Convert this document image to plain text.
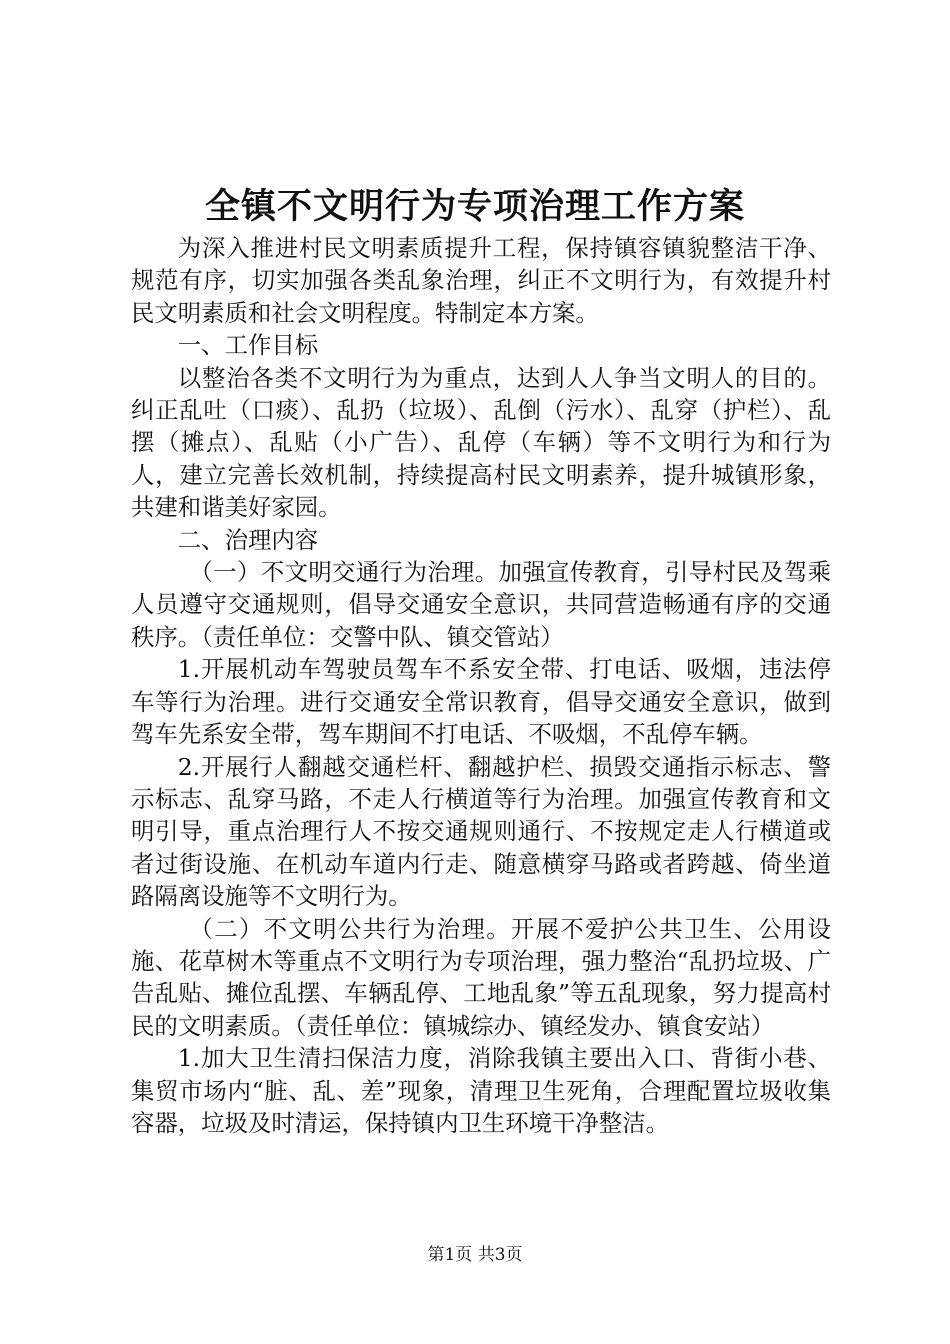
全镇不文明行为专项治理工作方案

为深入推进村民文明素质提升工程，保持镇容镇貌整洁干净、规范有序，切实加强各类乱象治理，纠正不文明行为，有效提升村民文明素质和社会文明程度。特制定本方案。

一、工作目标

以整治各类不文明行为为重点，达到人人争当文明人的目的。纠正乱吐（口痰）、乱扔（垃圾）、乱倒（污水）、乱穿（护栏）、乱摆（摊点）、乱贴（小广告）、乱停（车辆）等不文明行为和行为人，建立完善长效机制，持续提高村民文明素养，提升城镇形象，共建和谐美好家园。

二、治理内容

（一）不文明交通行为治理。加强宣传教育，引导村民及驾乘人员遵守交通规则，倡导交通安全意识，共同营造畅通有序的交通秩序。（责任单位：交警中队、镇交管站）

1.开展机动车驾驶员驾车不系安全带、打电话、吸烟，违法停车等行为治理。进行交通安全常识教育，倡导交通安全意识，做到驾车先系安全带，驾车期间不打电话、不吸烟，不乱停车辆。

2.开展行人翻越交通栏杆、翻越护栏、损毁交通指示标志、警示标志、乱穿马路，不走人行横道等行为治理。加强宣传教育和文明引导，重点治理行人不按交通规则通行、不按规定走人行横道或者过街设施、在机动车道内行走、随意横穿马路或者跨越、倚坐道路隔离设施等不文明行为。

（二）不文明公共行为治理。开展不爱护公共卫生、公用设施、花草树木等重点不文明行为专项治理，强力整治“乱扔垃圾、广告乱贴、摊位乱摆、车辆乱停、工地乱象”等五乱现象，努力提高村民的文明素质。（责任单位：镇城综办、镇经发办、镇食安站）

1.加大卫生清扫保洁力度，消除我镇主要出入口、背街小巷、集贸市场内“脏、乱、差”现象，清理卫生死角，合理配置垃圾收集容器，垃圾及时清运，保持镇内卫生环境干净整洁。

第1页 共3页
